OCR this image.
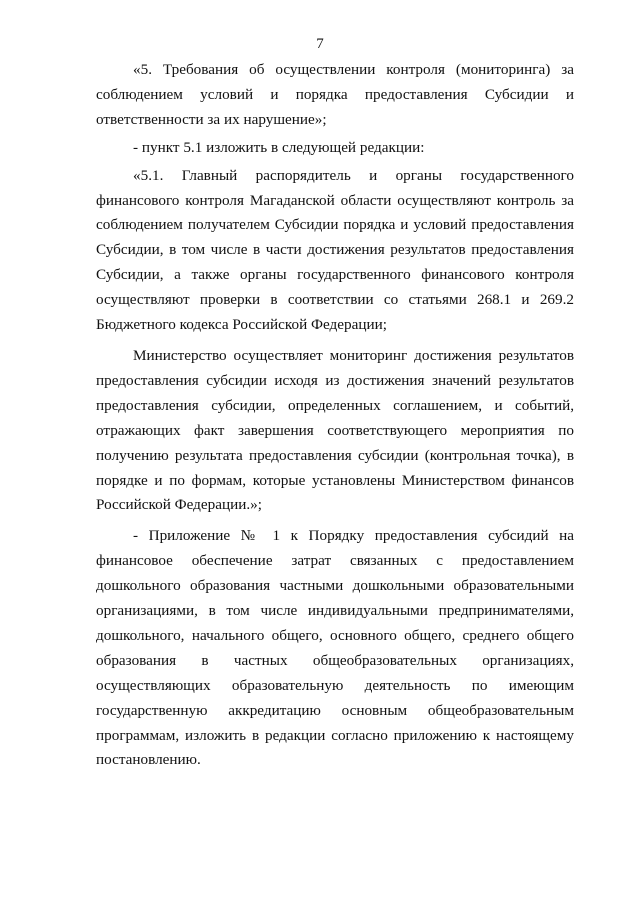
7

«5. Требования об осуществлении контроля (мониторинга) за соблюдением условий и порядка предоставления Субсидии и ответственности за их нарушение»;

- пункт 5.1 изложить в следующей редакции:

«5.1. Главный распорядитель и органы государственного финансового контроля Магаданской области осуществляют контроль за соблюдением получателем Субсидии порядка и условий предоставления Субсидии, в том числе в части достижения результатов предоставления Субсидии, а также органы государственного финансового контроля осуществляют проверки в соответствии со статьями 268.1 и 269.2 Бюджетного кодекса Российской Федерации;

Министерство осуществляет мониторинг достижения результатов предоставления субсидии исходя из достижения значений результатов предоставления субсидии, определенных соглашением, и событий, отражающих факт завершения соответствующего мероприятия по получению результата предоставления субсидии (контрольная точка), в порядке и по формам, которые установлены Министерством финансов Российской Федерации.»;

- Приложение № 1 к Порядку предоставления субсидий на финансовое обеспечение затрат связанных с предоставлением дошкольного образования частными дошкольными образовательными организациями, в том числе индивидуальными предпринимателями, дошкольного, начального общего, основного общего, среднего общего образования в частных общеобразовательных организациях, осуществляющих образовательную деятельность по имеющим государственную аккредитацию основным общеобразовательным программам, изложить в редакции согласно приложению к настоящему постановлению.
